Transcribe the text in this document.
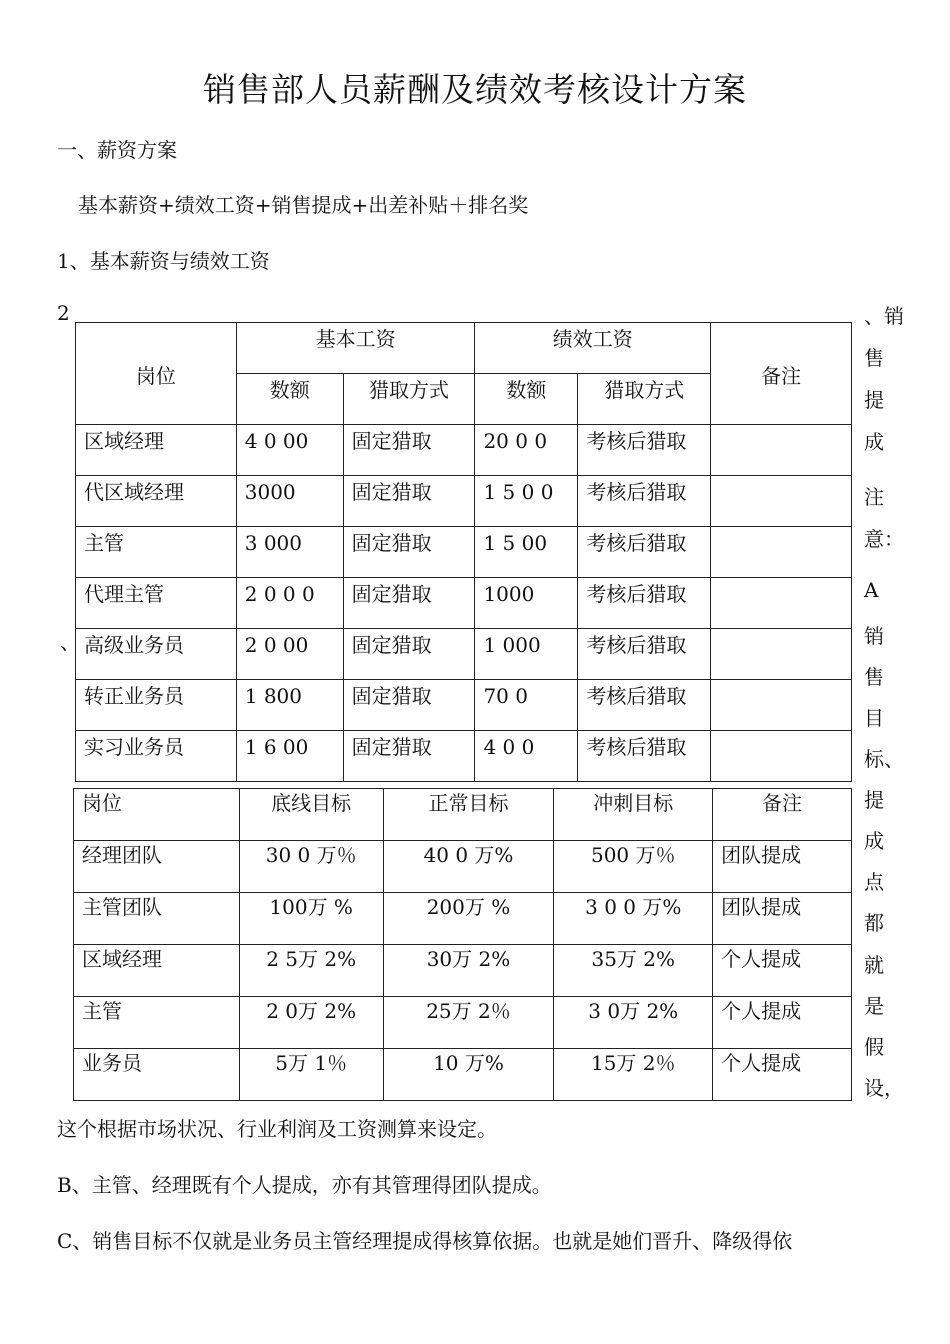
销售部人员薪酬及绩效考核设计方案
一、薪资方案
基本薪资+绩效工资+销售提成+出差补贴＋排名奖
1、基本薪资与绩效工资
2
、
、销
售
提
成
注
意：
A
销
售
目
标、
提
成
点
都
就
是
假
设，
岗位	基本工资		绩效工资		备注
	数额	猎取方式	数额	猎取方式	
区域经理	4 0 00	固定猎取	20 0 0	考核后猎取	
代区域经理	3000	固定猎取	1 5 0 0	考核后猎取	
主管	3 000	固定猎取	1 5 00	考核后猎取	
代理主管	2 0 0 0	固定猎取	1000	考核后猎取	
高级业务员	2 0 00	固定猎取	1 000	考核后猎取	
转正业务员	1 800	固定猎取	70 0	考核后猎取	
实习业务员	1 6 00	固定猎取	4 0 0	考核后猎取	
岗位	底线目标	正常目标	冲刺目标	备注
经理团队	30 0 万％	40 0 万%	500 万％	团队提成
主管团队	100万 %	200万 %	3 0 0 万%	团队提成
区域经理	2 5万 2%	30万 2%	35万 2%	个人提成
主管	2 0万 2%	25万 2％	3 0万 2%	个人提成
业务员	5万 1％	10 万%	15万 2％	个人提成
这个根据市场状况、行业利润及工资测算来设定。
B、主管、经理既有个人提成，亦有其管理得团队提成。
C、销售目标不仅就是业务员主管经理提成得核算依据。也就是她们晋升、降级得依
